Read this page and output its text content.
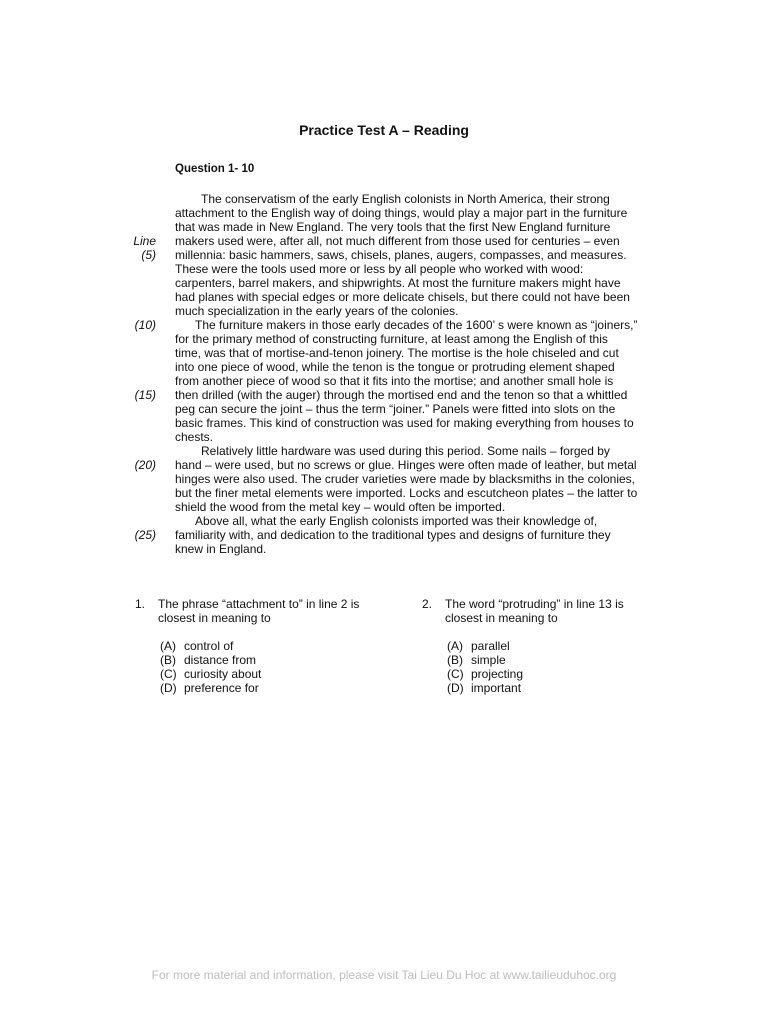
Practice Test A – Reading
Question 1- 10
The conservatism of the early English colonists in North America, their strong
attachment to the English way of doing things, would play a major part in the furniture
that was made in New England. The very tools that the first New England furniture
makers used were, after all, not much different from those used for centuries – even
millennia: basic hammers, saws, chisels, planes, augers, compasses, and measures.
These were the tools used more or less by all people who worked with wood:
carpenters, barrel makers, and shipwrights. At most the furniture makers might have
had planes with special edges or more delicate chisels, but there could not have been
much specialization in the early years of the colonies.
The furniture makers in those early decades of the 1600’ s were known as “joiners,”
for the primary method of constructing furniture, at least among the English of this
time, was that of mortise-and-tenon joinery. The mortise is the hole chiseled and cut
into one piece of wood, while the tenon is the tongue or protruding element shaped
from another piece of wood so that it fits into the mortise; and another small hole is
then drilled (with the auger) through the mortised end and the tenon so that a whittled
peg can secure the joint – thus the term “joiner.” Panels were fitted into slots on the
basic frames. This kind of construction was used for making everything from houses to
chests.
Relatively little hardware was used during this period. Some nails – forged by
hand – were used, but no screws or glue. Hinges were often made of leather, but metal
hinges were also used. The cruder varieties were made by blacksmiths in the colonies,
but the finer metal elements were imported. Locks and escutcheon plates – the latter to
shield the wood from the metal key – would often be imported.
Above all, what the early English colonists imported was their knowledge of,
familiarity with, and dedication to the traditional types and designs of furniture they
knew in England.
Line
(5)
(10)
(15)
(20)
(25)
1. The phrase “attachment to” in line 2 is
closest in meaning to
(A) control of
(B) distance from
(C) curiosity about
(D) preference for
2. The word “protruding” in line 13 is
closest in meaning to
(A) parallel
(B) simple
(C) projecting
(D) important
For more material and information, please visit Tai Lieu Du Hoc at www.tailieuduhoc.org
